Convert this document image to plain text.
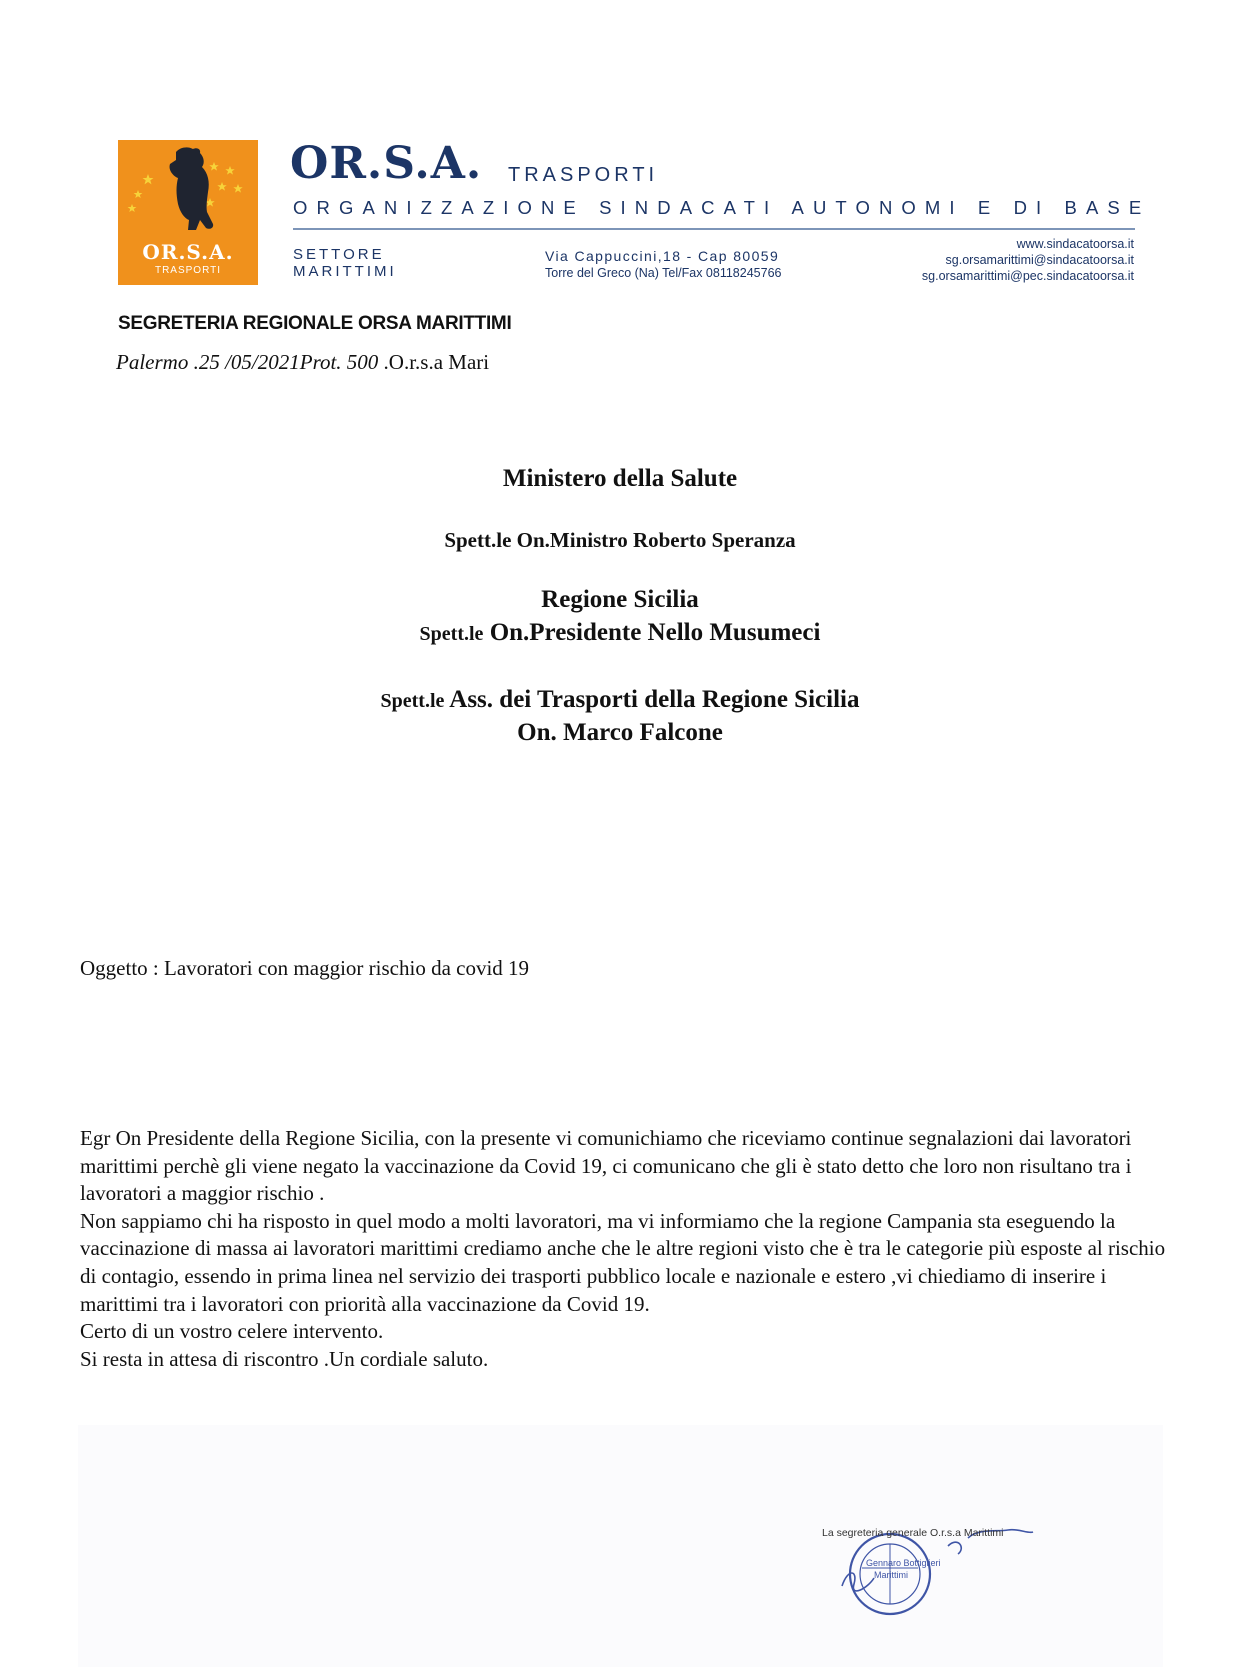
OR.S.A.
TRASPORTI
OR.S.A. TRASPORTI
ORGANIZZAZIONE SINDACATI AUTONOMI E DI BASE
SETTORE
MARITTIMI
Via Cappuccini,18 - Cap 80059
Torre del Greco (Na) Tel/Fax 08118245766
www.sindacatoorsa.it
sg.orsamarittimi@sindacatoorsa.it
sg.orsamarittimi@pec.sindacatoorsa.it
SEGRETERIA REGIONALE ORSA MARITTIMI
Palermo .25 /05/2021Prot. 500 .O.r.s.a Mari
Ministero della Salute
Spett.le On.Ministro Roberto Speranza
Regione Sicilia
Spett.le On.Presidente Nello Musumeci
Spett.le Ass. dei Trasporti della Regione Sicilia
On. Marco Falcone
Oggetto : Lavoratori con maggior rischio da covid 19

Egr On Presidente della Regione Sicilia, con la presente vi comunichiamo che riceviamo continue segnalazioni dai lavoratori marittimi perchè gli viene negato la vaccinazione da Covid 19, ci comunicano che gli è stato detto che loro non risultano tra i lavoratori a maggior rischio .

Non sappiamo chi ha risposto in quel modo a molti lavoratori, ma vi informiamo che la regione Campania sta eseguendo la vaccinazione di massa ai lavoratori marittimi crediamo anche che le altre regioni visto che è tra le categorie più esposte al rischio di contagio, essendo in prima linea nel servizio dei trasporti pubblico locale e nazionale e estero ,vi chiediamo di inserire i marittimi tra i lavoratori con priorità alla vaccinazione da Covid 19.

Certo di un vostro celere intervento.

Si resta in attesa di riscontro .Un cordiale saluto.

Gennaro Bottiglieri
Marittimi
La segreteria generale O.r.s.a Marittimi
